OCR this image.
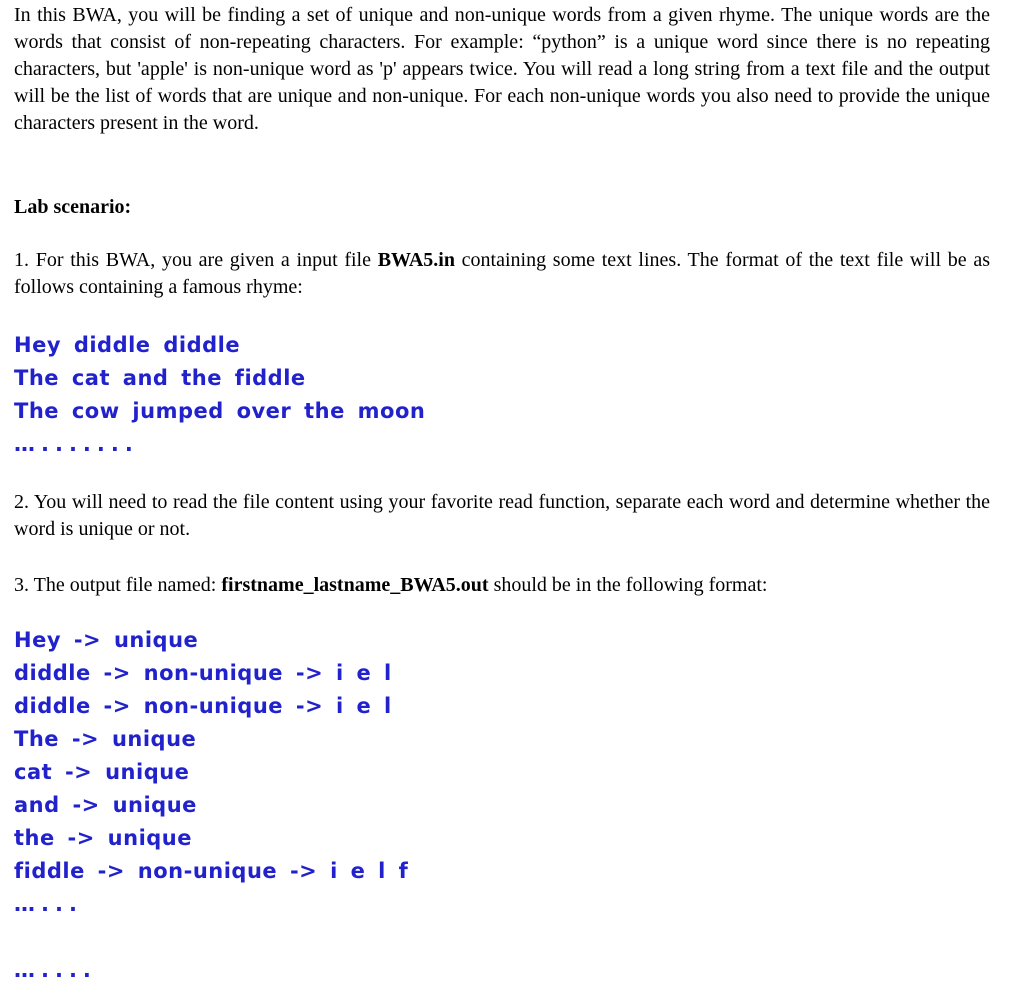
In this BWA, you will be finding a set of unique and non-unique words from a given rhyme. The unique words are the words that consist of non-repeating characters. For example: “python” is a unique word since there is no repeating characters, but 'apple' is non-unique word as 'p' appears twice. You will read a long string from a text file and the output will be the list of words that are unique and non-unique. For each non-unique words you also need to provide the unique characters present in the word.

Lab scenario:

1. For this BWA, you are given a input file BWA5.in containing some text lines. The format of the text file will be as follows containing a famous rhyme:

Hey diddle diddle
The cat and the fiddle
The cow jumped over the moon
….......

2. You will need to read the file content using your favorite read function, separate each word and determine whether the word is unique or not.

3. The output file named: firstname_lastname_BWA5.out should be in the following format:

Hey -> unique
diddle -> non-unique -> i e l
diddle -> non-unique -> i e l
The -> unique
cat -> unique
and -> unique
the -> unique
fiddle -> non-unique -> i e l f
…...
…....
